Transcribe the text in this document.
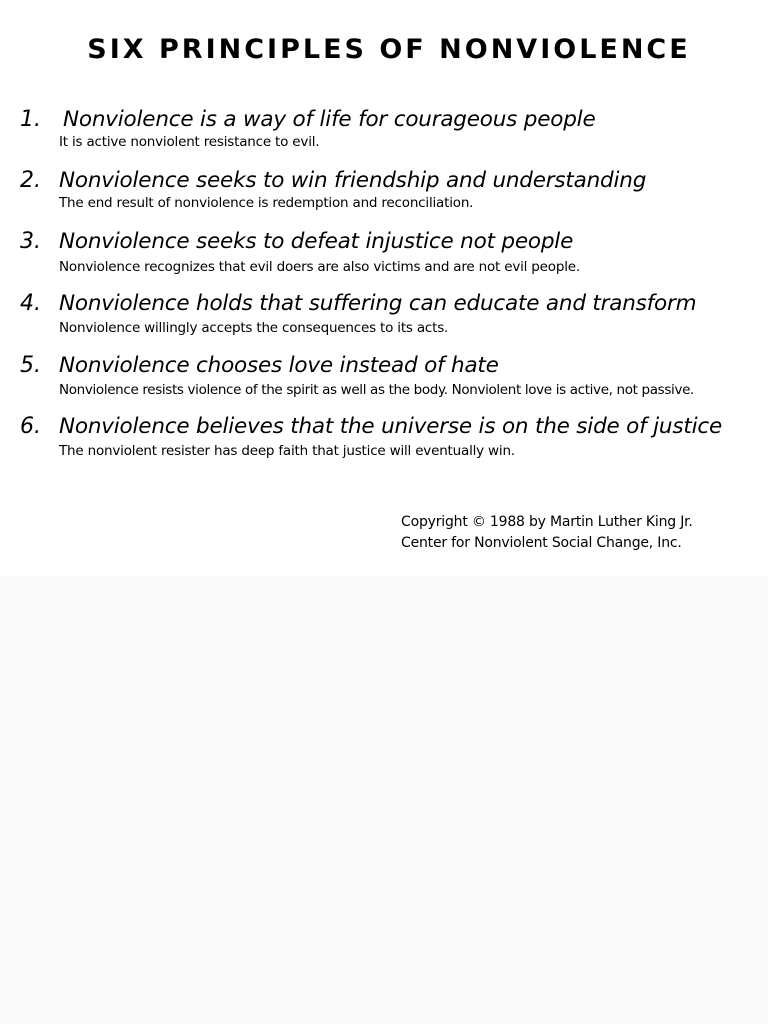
SIX PRINCIPLES OF NONVIOLENCE
1. Nonviolence is a way of life for courageous people
It is active nonviolent resistance to evil.
2. Nonviolence seeks to win friendship and understanding
The end result of nonviolence is redemption and reconciliation.
3. Nonviolence seeks to defeat injustice not people
Nonviolence recognizes that evil doers are also victims and are not evil people.
4. Nonviolence holds that suffering can educate and transform
Nonviolence willingly accepts the consequences to its acts.
5. Nonviolence chooses love instead of hate
Nonviolence resists violence of the spirit as well as the body. Nonviolent love is active, not passive.
6. Nonviolence believes that the universe is on the side of justice
The nonviolent resister has deep faith that justice will eventually win.
Copyright © 1988 by Martin Luther King Jr.
Center for Nonviolent Social Change, Inc.
